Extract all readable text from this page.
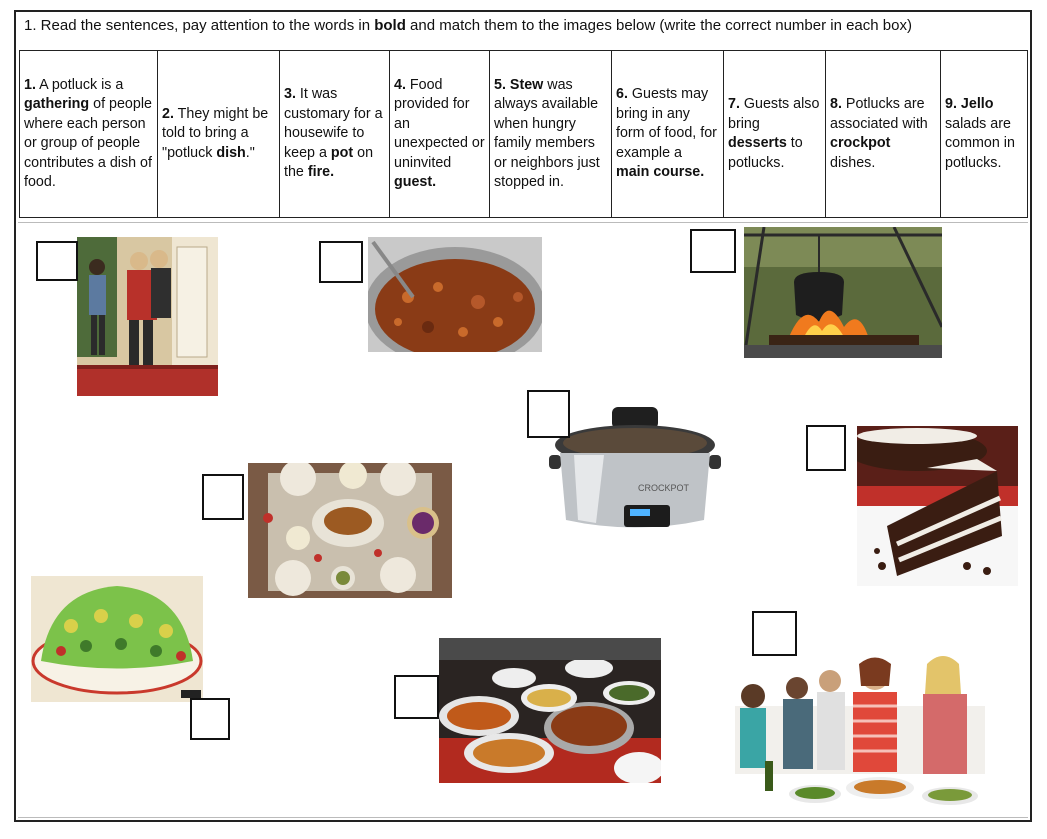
1. Read the sentences, pay attention to the words in bold and match them to the images below (write the correct number in each box)
1. A potluck is a gathering of people where each person or group of people contributes a dish of food.	2. They might be told to bring a "potluck dish."	3. It was customary for a housewife to keep a pot on the fire.	4. Food provided for an unexpected or uninvited guest.	5. Stew was always available when hungry family members or neighbors just stopped in.	6. Guests may bring in any form of food, for example a main course.	7. Guests also bring desserts to potlucks.	8. Potlucks are associated with crockpot dishes.	9. Jello salads are common in potlucks.
CROCKPOT
